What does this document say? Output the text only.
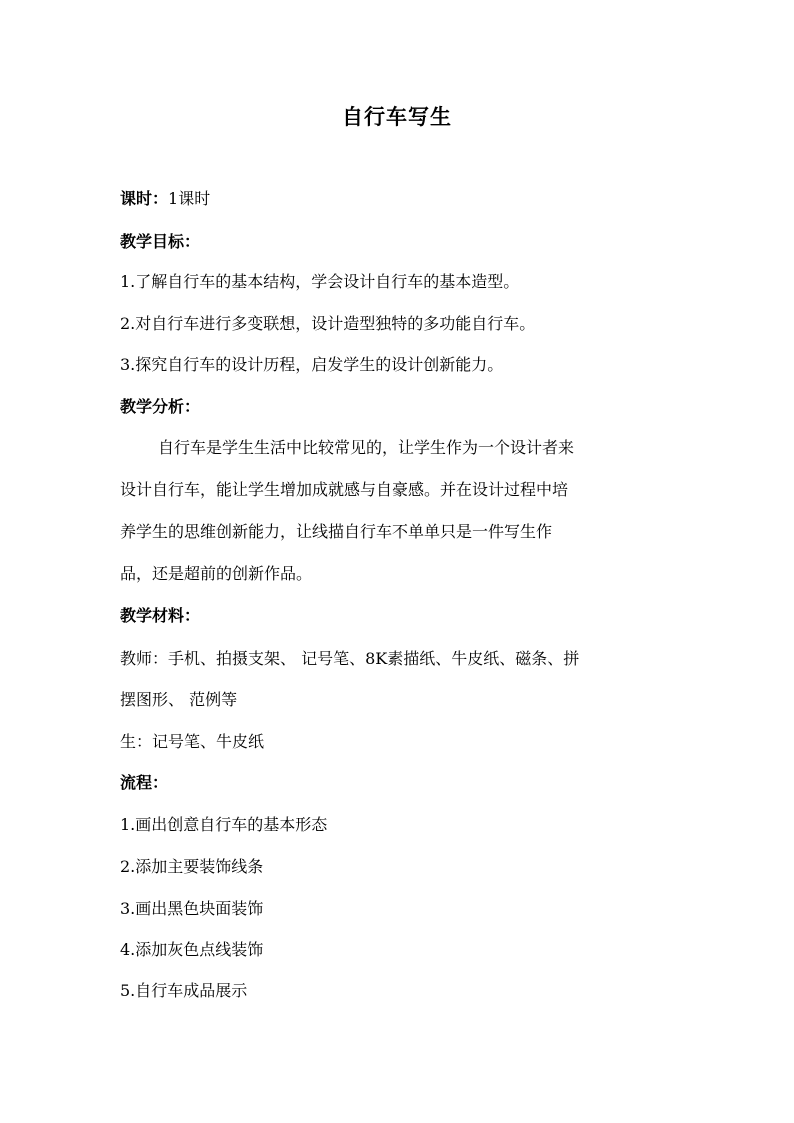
自行车写生
课时：1课时
教学目标：
1.了解自行车的基本结构，学会设计自行车的基本造型。
2.对自行车进行多变联想，设计造型独特的多功能自行车。
3.探究自行车的设计历程，启发学生的设计创新能力。
教学分析：
自行车是学生生活中比较常见的，让学生作为一个设计者来
设计自行车，能让学生增加成就感与自豪感。并在设计过程中培
养学生的思维创新能力，让线描自行车不单单只是一件写生作
品，还是超前的创新作品。
教学材料：
教师：手机、拍摄支架、 记号笔、8K素描纸、牛皮纸、磁条、拼
摆图形、 范例等
生：记号笔、牛皮纸
流程：
1.画出创意自行车的基本形态
2.添加主要装饰线条
3.画出黑色块面装饰
4.添加灰色点线装饰
5.自行车成品展示
